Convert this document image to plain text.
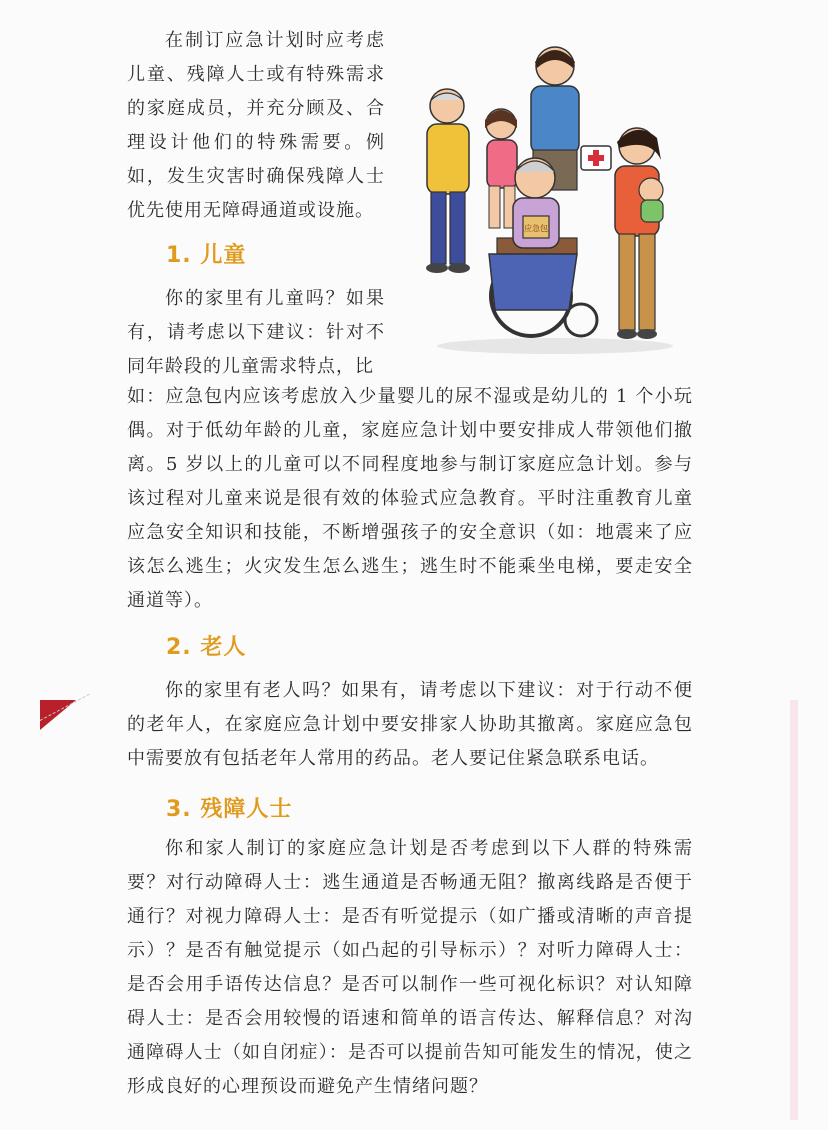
在制订应急计划时应考虑儿童、残障人士或有特殊需求的家庭成员，并充分顾及、合理设计他们的特殊需要。例如，发生灾害时确保残障人士优先使用无障碍通道或设施。

应急包
1. 儿童

你的家里有儿童吗？如果有，请考虑以下建议：针对不同年龄段的儿童需求特点，比

如：应急包内应该考虑放入少量婴儿的尿不湿或是幼儿的 1 个小玩偶。对于低幼年龄的儿童，家庭应急计划中要安排成人带领他们撤离。5 岁以上的儿童可以不同程度地参与制订家庭应急计划。参与该过程对儿童来说是很有效的体验式应急教育。平时注重教育儿童应急安全知识和技能，不断增强孩子的安全意识（如：地震来了应该怎么逃生；火灾发生怎么逃生；逃生时不能乘坐电梯，要走安全通道等）。

2. 老人

你的家里有老人吗？如果有，请考虑以下建议：对于行动不便的老年人，在家庭应急计划中要安排家人协助其撤离。家庭应急包中需要放有包括老年人常用的药品。老人要记住紧急联系电话。

3. 残障人士

你和家人制订的家庭应急计划是否考虑到以下人群的特殊需要？对行动障碍人士：逃生通道是否畅通无阻？撤离线路是否便于通行？对视力障碍人士：是否有听觉提示（如广播或清晰的声音提示）？是否有触觉提示（如凸起的引导标示）？对听力障碍人士：是否会用手语传达信息？是否可以制作一些可视化标识？对认知障碍人士：是否会用较慢的语速和简单的语言传达、解释信息？对沟通障碍人士（如自闭症）：是否可以提前告知可能发生的情况，使之形成良好的心理预设而避免产生情绪问题？
